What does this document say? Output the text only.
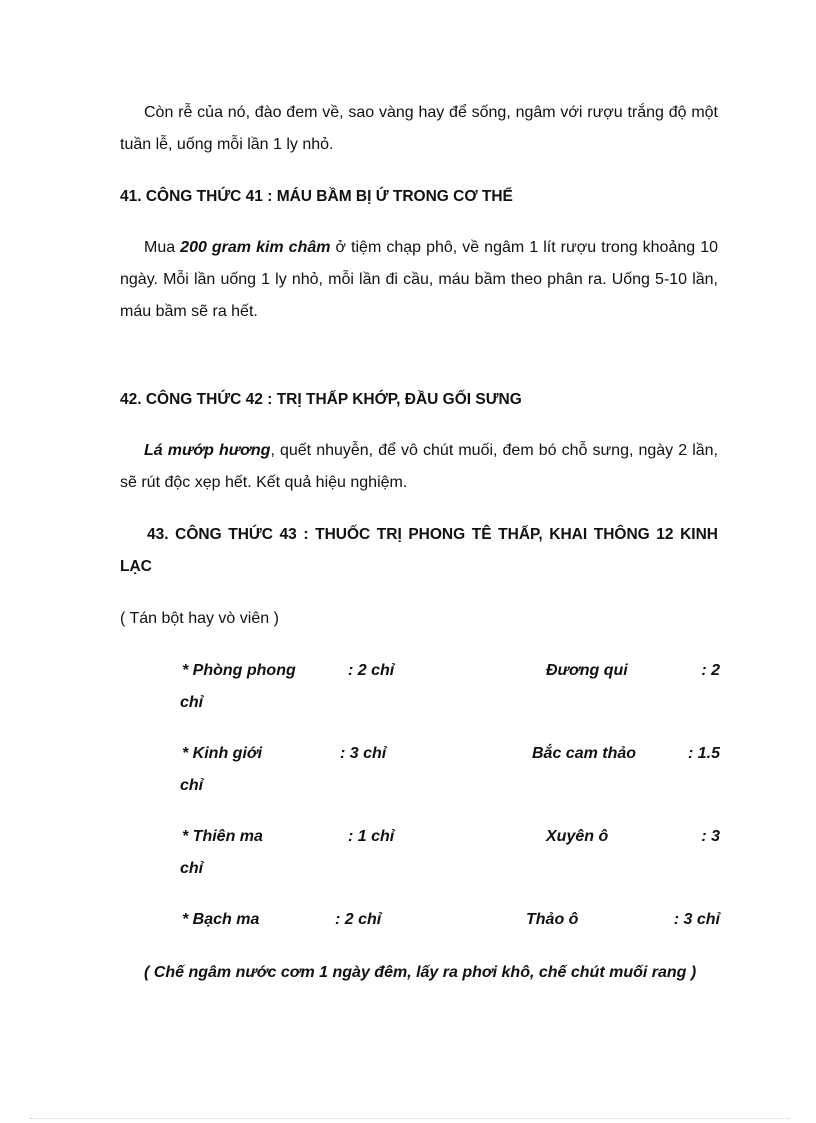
Còn rễ của nó, đào đem về, sao vàng hay để sống, ngâm với rượu trắng độ một tuần lễ, uống mỗi lần 1 ly nhỏ.

41. CÔNG THỨC 41 : MÁU BẦM BỊ Ứ TRONG CƠ THỂ

Mua 200 gram kim châm ở tiệm chạp phô, về ngâm 1 lít rượu trong khoảng 10 ngày. Mỗi lần uống 1 ly nhỏ, mỗi lần đi cầu, máu bầm theo phân ra. Uống 5-10 lần, máu bầm sẽ ra hết.

42. CÔNG THỨC 42 : TRỊ THẤP KHỚP, ĐẦU GỐI SƯNG

Lá mướp hương, quết nhuyễn, để vô chút muối, đem bó chỗ sưng, ngày 2 lần, sẽ rút độc xẹp hết. Kết quả hiệu nghiệm.

43. CÔNG THỨC 43 : THUỐC TRỊ PHONG TÊ THẤP, KHAI THÔNG 12 KINH LẠC

( Tán bột hay vò viên )

* Phòng phong	: 2 chỉ	Đương qui	: 2
chỉ
* Kinh giới	: 3 chỉ	Bắc cam thảo	: 1.5
chỉ
* Thiên ma	: 1 chỉ	Xuyên ô	: 3
chỉ
* Bạch ma	: 2 chỉ	Thảo ô	: 3 chỉ

( Chế ngâm nước cơm 1 ngày đêm, lấy ra phơi khô, chế chút muối rang )
